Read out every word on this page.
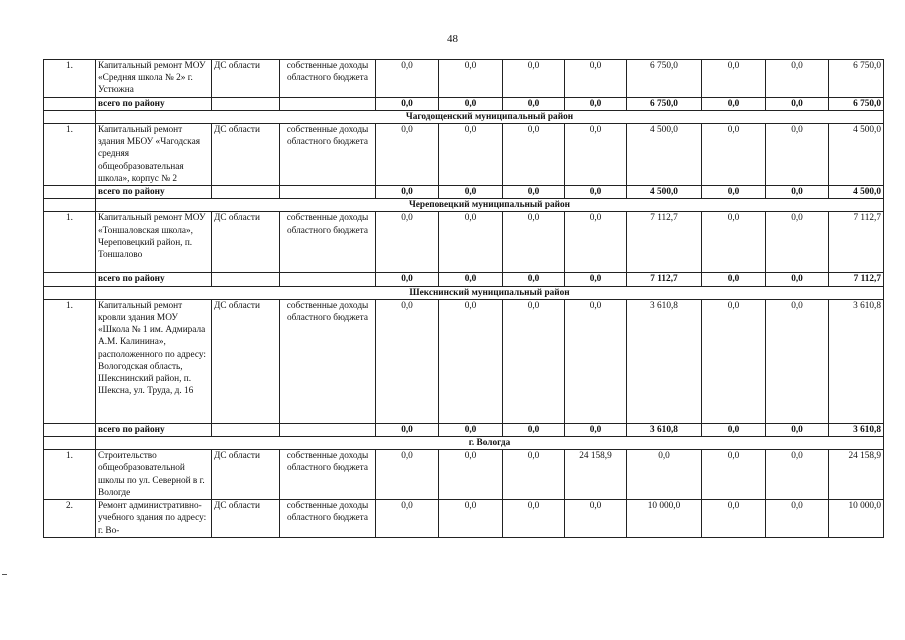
48
1.	Капитальный ремонт МОУ «Средняя школа № 2» г. Устюжна	ДС области	собственные доходы областного бюджета	0,0	0,0	0,0	0,0	6 750,0	0,0	0,0	6 750,0
	всего по району			0,0	0,0	0,0	0,0	6 750,0	0,0	0,0	6 750,0
	Чагодощенский муниципальный район										
1.	Капитальный ремонт здания МБОУ «Чагодская средняя общеобразовательная школа», корпус № 2	ДС области	собственные доходы областного бюджета	0,0	0,0	0,0	0,0	4 500,0	0,0	0,0	4 500,0
	всего по району			0,0	0,0	0,0	0,0	4 500,0	0,0	0,0	4 500,0
	Череповецкий муниципальный район										
1.	Капитальный ремонт МОУ «Тоншаловская школа», Череповецкий район, п. Тоншалово	ДС области	собственные доходы областного бюджета	0,0	0,0	0,0	0,0	7 112,7	0,0	0,0	7 112,7
	всего по району			0,0	0,0	0,0	0,0	7 112,7	0,0	0,0	7 112,7
	Шекснинский муниципальный район										
1.	Капитальный ремонт кровли здания МОУ «Школа № 1 им. Адмирала А.М. Калинина», расположенного по адресу: Вологодская область, Шекснинский район, п. Шексна, ул. Труда, д. 16	ДС области	собственные доходы областного бюджета	0,0	0,0	0,0	0,0	3 610,8	0,0	0,0	3 610,8
	всего по району			0,0	0,0	0,0	0,0	3 610,8	0,0	0,0	3 610,8
	г. Вологда										
1.	Строительство общеобразовательной школы по ул. Северной в г. Вологде	ДС области	собственные доходы областного бюджета	0,0	0,0	0,0	24 158,9	0,0	0,0	0,0	24 158,9
2.	Ремонт административно-учебного здания по адресу: г. Во-	ДС области	собственные доходы областного бюджета	0,0	0,0	0,0	0,0	10 000,0	0,0	0,0	10 000,0
